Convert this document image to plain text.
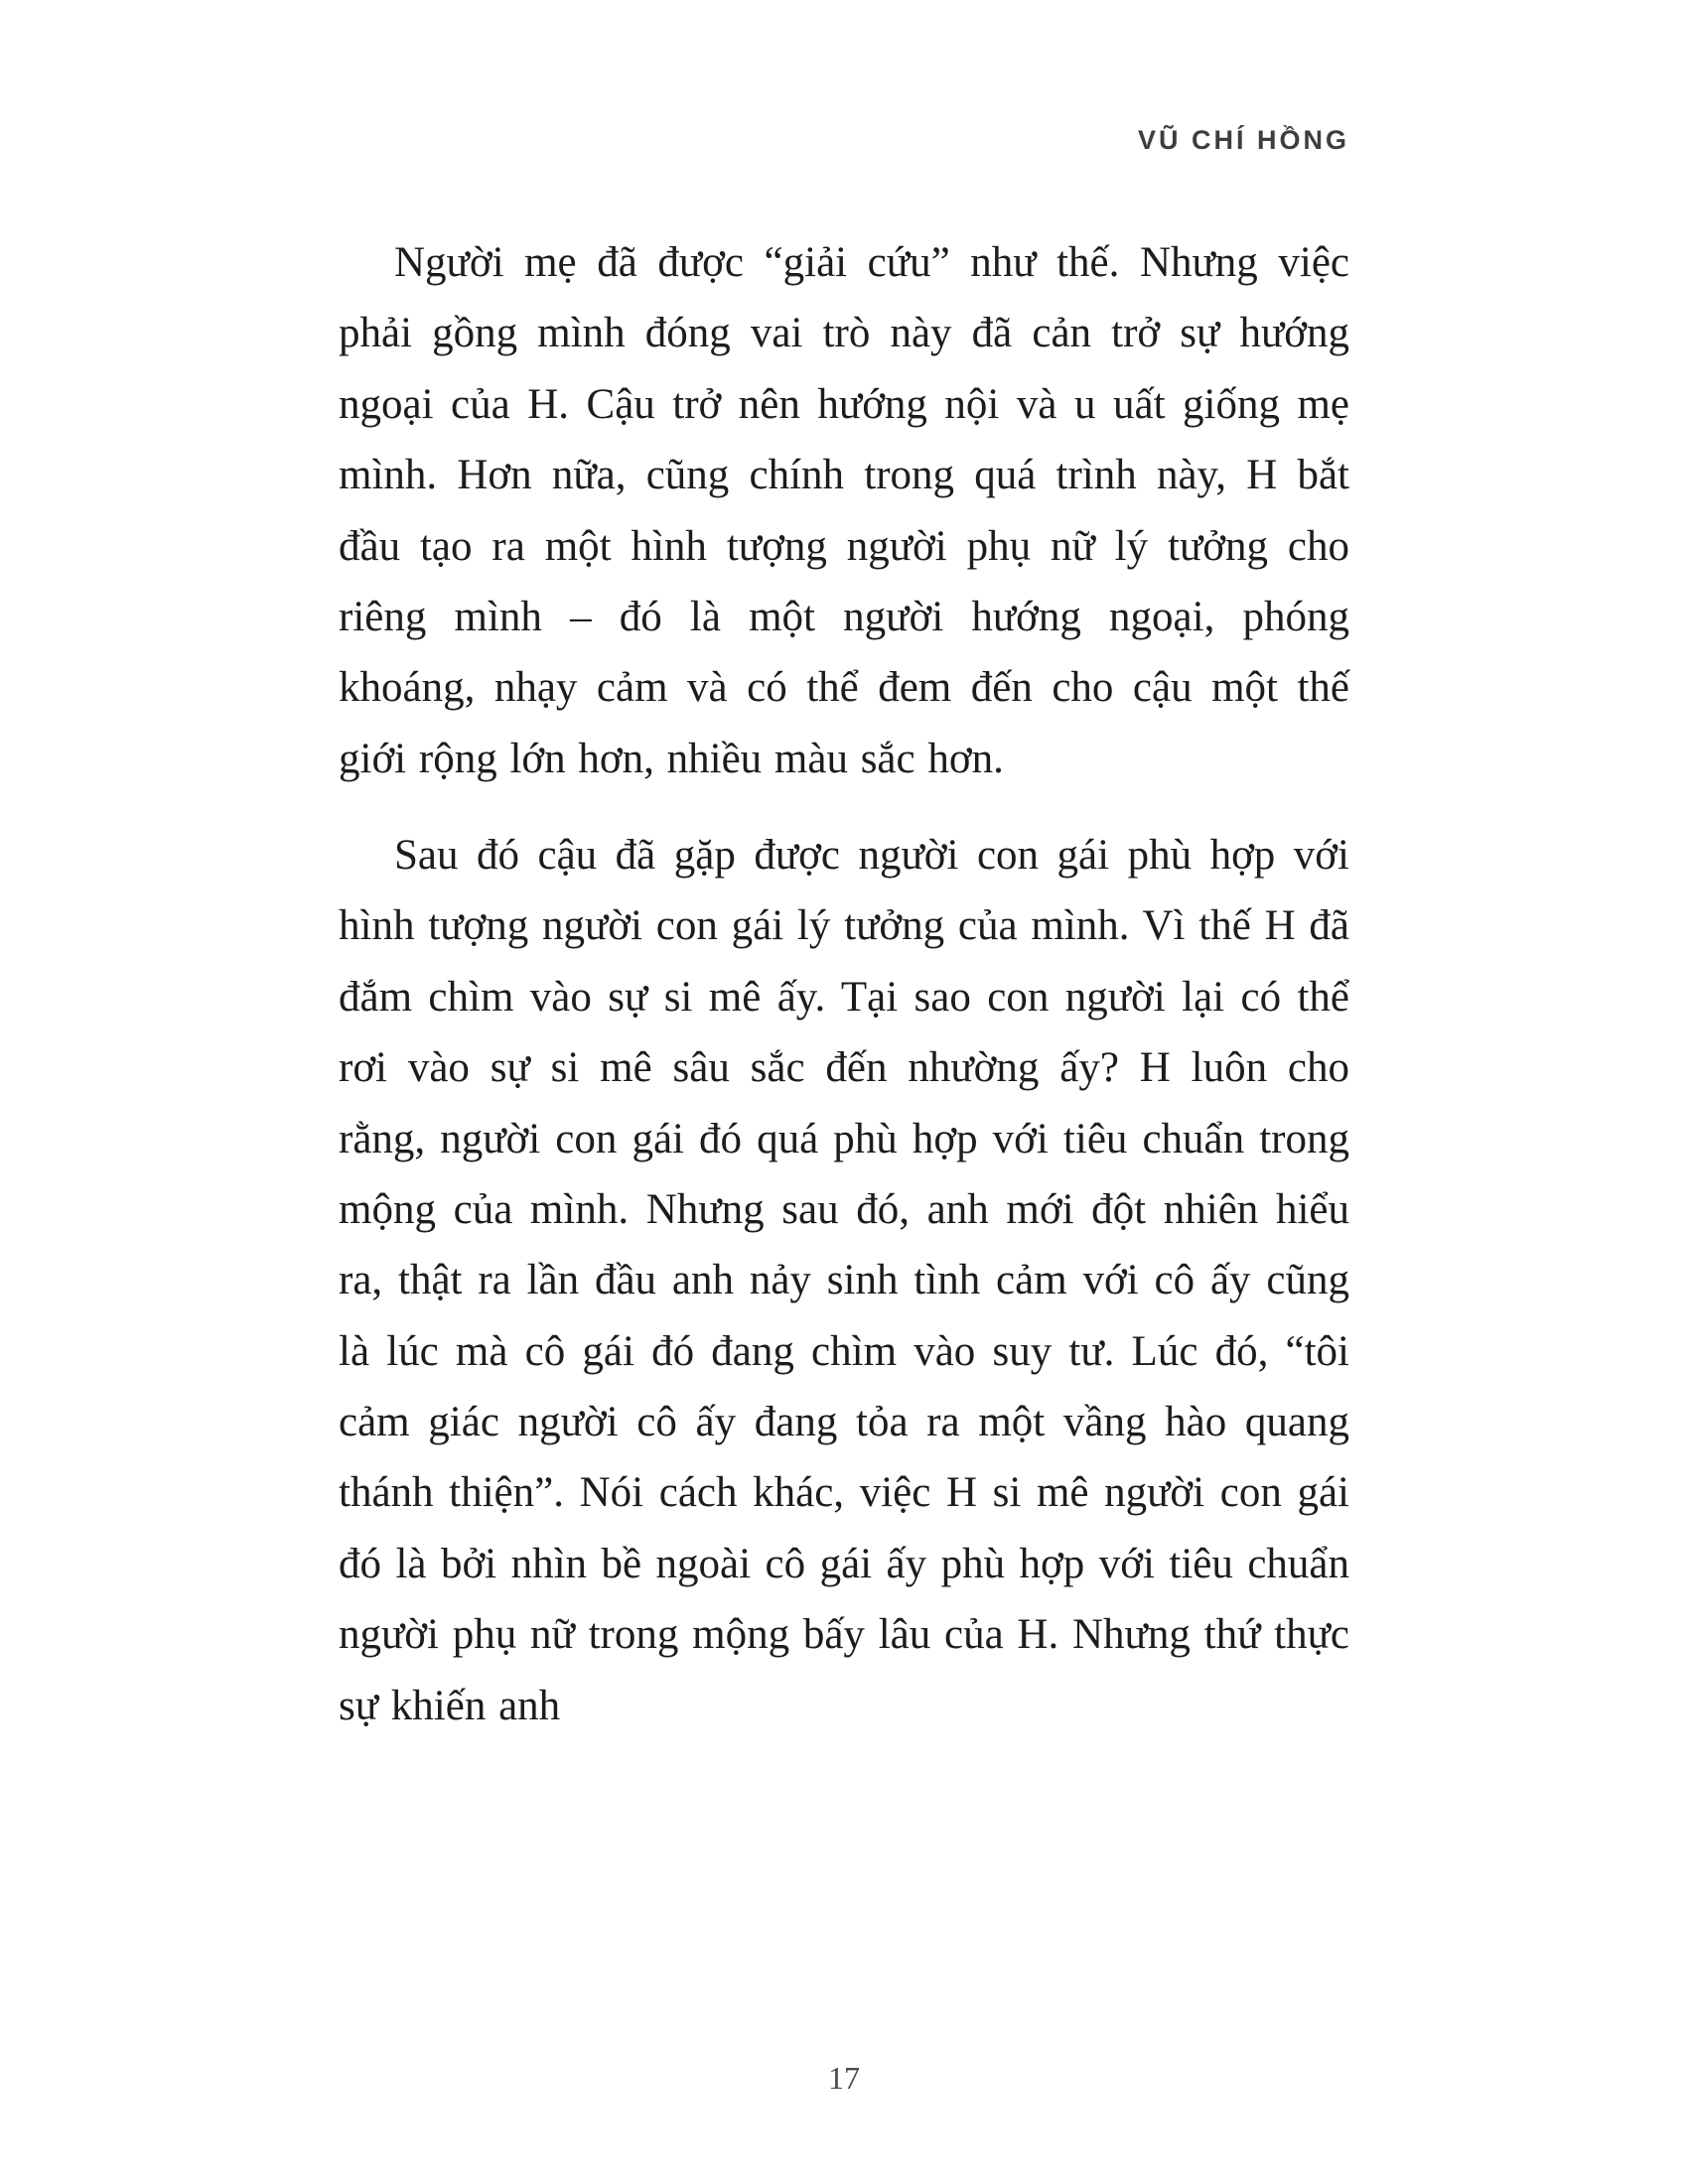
VŨ CHÍ HỒNG

Người mẹ đã được “giải cứu” như thế. Nhưng việc phải gồng mình đóng vai trò này đã cản trở sự hướng ngoại của H. Cậu trở nên hướng nội và u uất giống mẹ mình. Hơn nữa, cũng chính trong quá trình này, H bắt đầu tạo ra một hình tượng người phụ nữ lý tưởng cho riêng mình – đó là một người hướng ngoại, phóng khoáng, nhạy cảm và có thể đem đến cho cậu một thế giới rộng lớn hơn, nhiều màu sắc hơn.

Sau đó cậu đã gặp được người con gái phù hợp với hình tượng người con gái lý tưởng của mình. Vì thế H đã đắm chìm vào sự si mê ấy. Tại sao con người lại có thể rơi vào sự si mê sâu sắc đến nhường ấy? H luôn cho rằng, người con gái đó quá phù hợp với tiêu chuẩn trong mộng của mình. Nhưng sau đó, anh mới đột nhiên hiểu ra, thật ra lần đầu anh nảy sinh tình cảm với cô ấy cũng là lúc mà cô gái đó đang chìm vào suy tư. Lúc đó, “tôi cảm giác người cô ấy đang tỏa ra một vầng hào quang thánh thiện”. Nói cách khác, việc H si mê người con gái đó là bởi nhìn bề ngoài cô gái ấy phù hợp với tiêu chuẩn người phụ nữ trong mộng bấy lâu của H. Nhưng thứ thực sự khiến anh

17
